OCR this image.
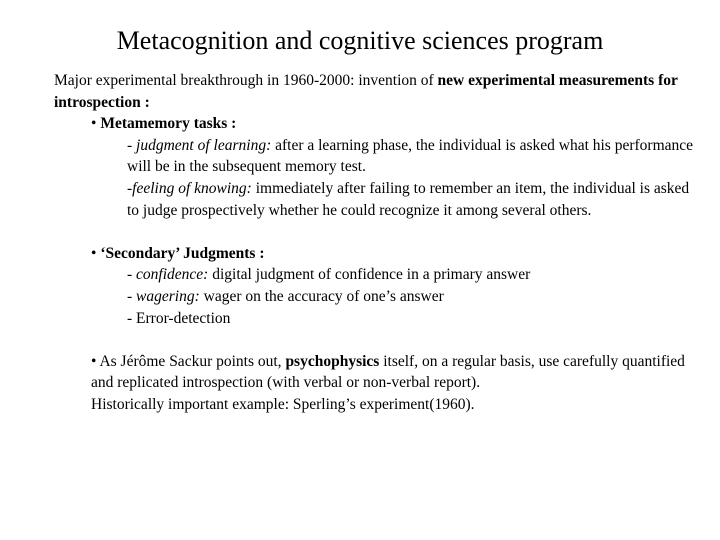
Metacognition and cognitive sciences program

Major experimental breakthrough in 1960-2000: invention of new experimental measurements for introspection :

• Metamemory tasks :

- judgment of learning: after a learning phase, the individual is asked what his performance will be in the subsequent memory test.

-feeling of knowing: immediately after failing to remember an item, the individual is asked to judge prospectively whether he could recognize it among several others.

• ‘Secondary’ Judgments :

- confidence: digital judgment of confidence in a primary answer

- wagering: wager on the accuracy of one’s answer

- Error-detection

• As Jérôme Sackur points out, psychophysics itself, on a regular basis, use carefully quantified and replicated introspection (with verbal or non-verbal report).

Historically important example: Sperling’s experiment(1960).
